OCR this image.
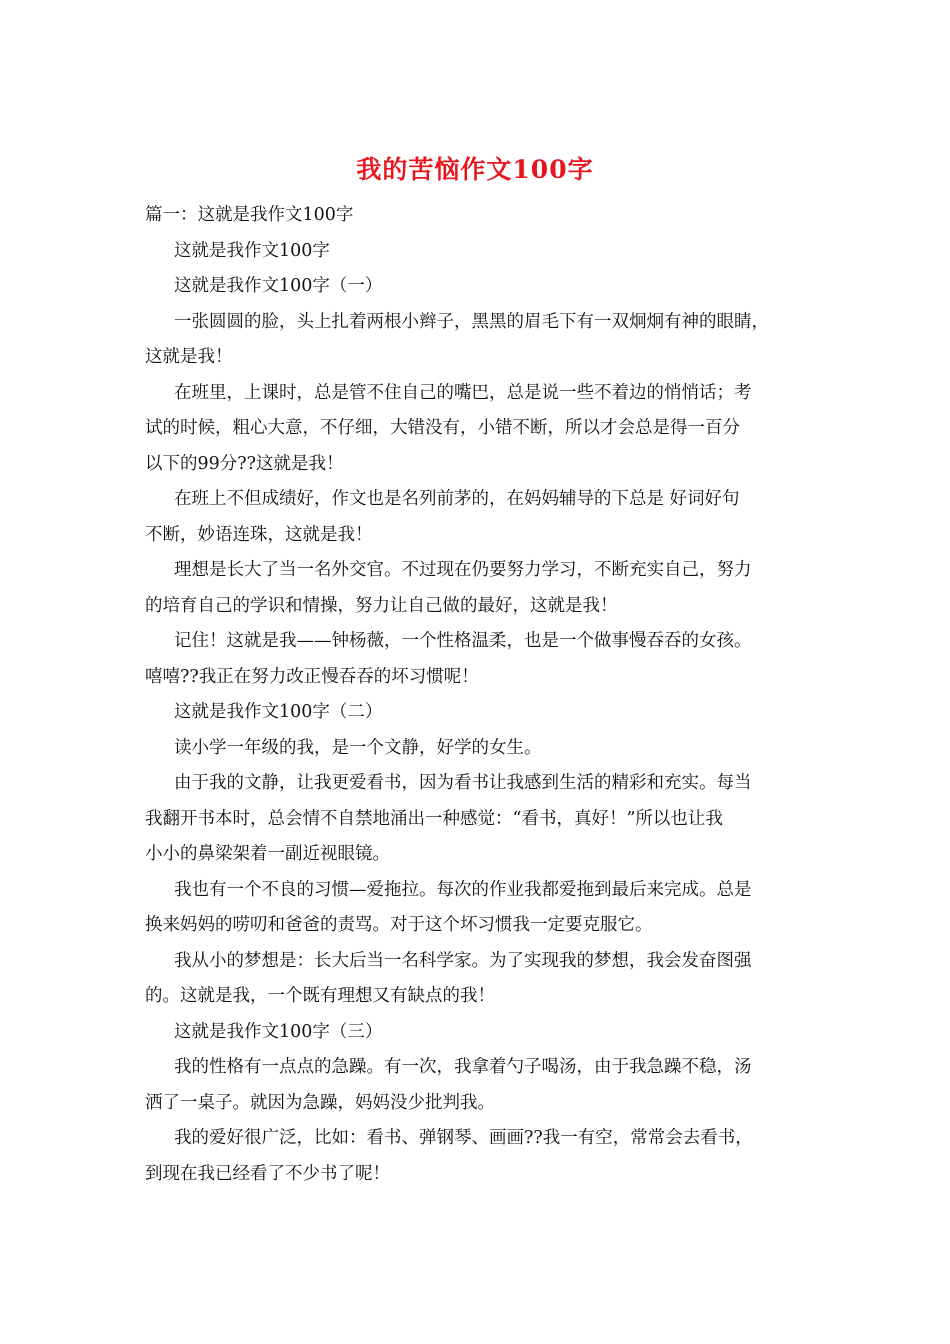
我的苦恼作文100字
篇一：这就是我作文100字
这就是我作文100字
这就是我作文100字（一）
一张圆圆的脸，头上扎着两根小辫子，黑黑的眉毛下有一双炯炯有神的眼睛，
这就是我！
在班里，上课时，总是管不住自己的嘴巴，总是说一些不着边的悄悄话；考
试的时候，粗心大意，不仔细，大错没有，小错不断，所以才会总是得一百分
以下的99分??这就是我！
在班上不但成绩好，作文也是名列前茅的，在妈妈辅导的下总是 好词好句
不断，妙语连珠，这就是我！
理想是长大了当一名外交官。不过现在仍要努力学习，不断充实自己，努力
的培育自己的学识和情操，努力让自己做的最好，这就是我！
记住！这就是我——钟杨薇，一个性格温柔，也是一个做事慢吞吞的女孩。
嘻嘻??我正在努力改正慢吞吞的坏习惯呢！
这就是我作文100字（二）
读小学一年级的我，是一个文静，好学的女生。
由于我的文静，让我更爱看书，因为看书让我感到生活的精彩和充实。每当
我翻开书本时，总会情不自禁地涌出一种感觉：“看书，真好！”所以也让我
小小的鼻梁架着一副近视眼镜。
我也有一个不良的习惯—爱拖拉。每次的作业我都爱拖到最后来完成。总是
换来妈妈的唠叨和爸爸的责骂。对于这个坏习惯我一定要克服它。
我从小的梦想是：长大后当一名科学家。为了实现我的梦想，我会发奋图强
的。这就是我，一个既有理想又有缺点的我！
这就是我作文100字（三）
我的性格有一点点的急躁。有一次，我拿着勺子喝汤，由于我急躁不稳，汤
洒了一桌子。就因为急躁，妈妈没少批判我。
我的爱好很广泛，比如：看书、弹钢琴、画画??我一有空，常常会去看书，
到现在我已经看了不少书了呢！
